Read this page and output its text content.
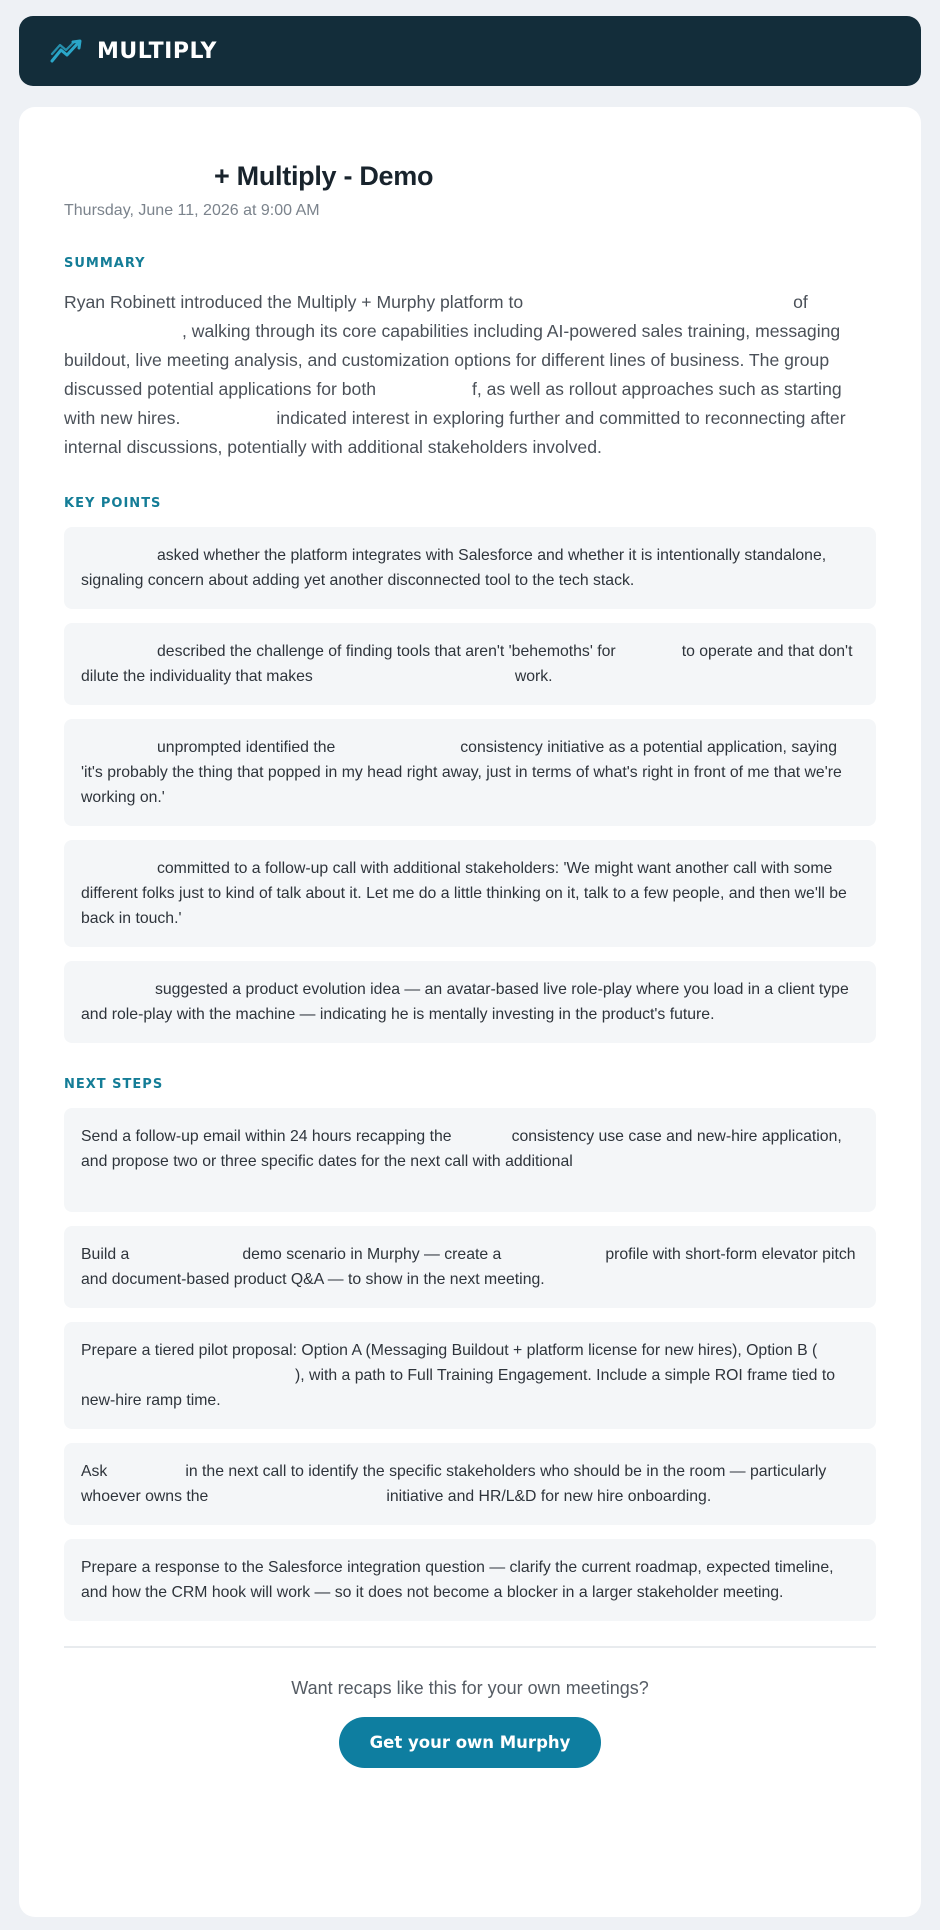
MULTIPLY
+ Multiply - Demo
Thursday, June 11, 2026 at 9:00 AM
SUMMARY

Ryan Robinett introduced the Multiply + Murphy platform to	of, walking through its core capabilities including AI-powered sales training, messaging buildout, live meeting analysis, and customization options for different lines of business. The group discussed potential applications for both	f, as well as rollout approaches such as starting with new hires.	indicated interest in exploring further and committed to reconnecting after internal discussions, potentially with additional stakeholders involved.

KEY POINTS
asked whether the platform integrates with Salesforce and whether it is intentionally standalone, signaling concern about adding yet another disconnected tool to the tech stack.
described the challenge of finding tools that aren't 'behemoths' for	to operate and that don't dilute the individuality that makes	work.
unprompted identified the	consistency initiative as a potential application, saying 'it's probably the thing that popped in my head right away, just in terms of what's right in front of me that we're working on.'
committed to a follow-up call with additional stakeholders: 'We might want another call with some different folks just to kind of talk about it. Let me do a little thinking on it, talk to a few people, and then we'll be back in touch.'
suggested a product evolution idea — an avatar-based live role-play where you load in a client type and role-play with the machine — indicating he is mentally investing in the product's future.
NEXT STEPS
Send a follow-up email within 24 hours recapping the	consistency use case and new-hire application, and propose two or three specific dates for the next call with additional
Build a	demo scenario in Murphy — create a	profile with short-form elevator pitch and document-based product Q&A — to show in the next meeting.
Prepare a tiered pilot proposal: Option A (Messaging Buildout + platform license for new hires), Option B (), with a path to Full Training Engagement. Include a simple ROI frame tied to new-hire ramp time.
Ask	in the next call to identify the specific stakeholders who should be in the room — particularly whoever owns the	initiative and HR/L&D for new hire onboarding.
Prepare a response to the Salesforce integration question — clarify the current roadmap, expected timeline, and how the CRM hook will work — so it does not become a blocker in a larger stakeholder meeting.
Want recaps like this for your own meetings?
Get your own Murphy
